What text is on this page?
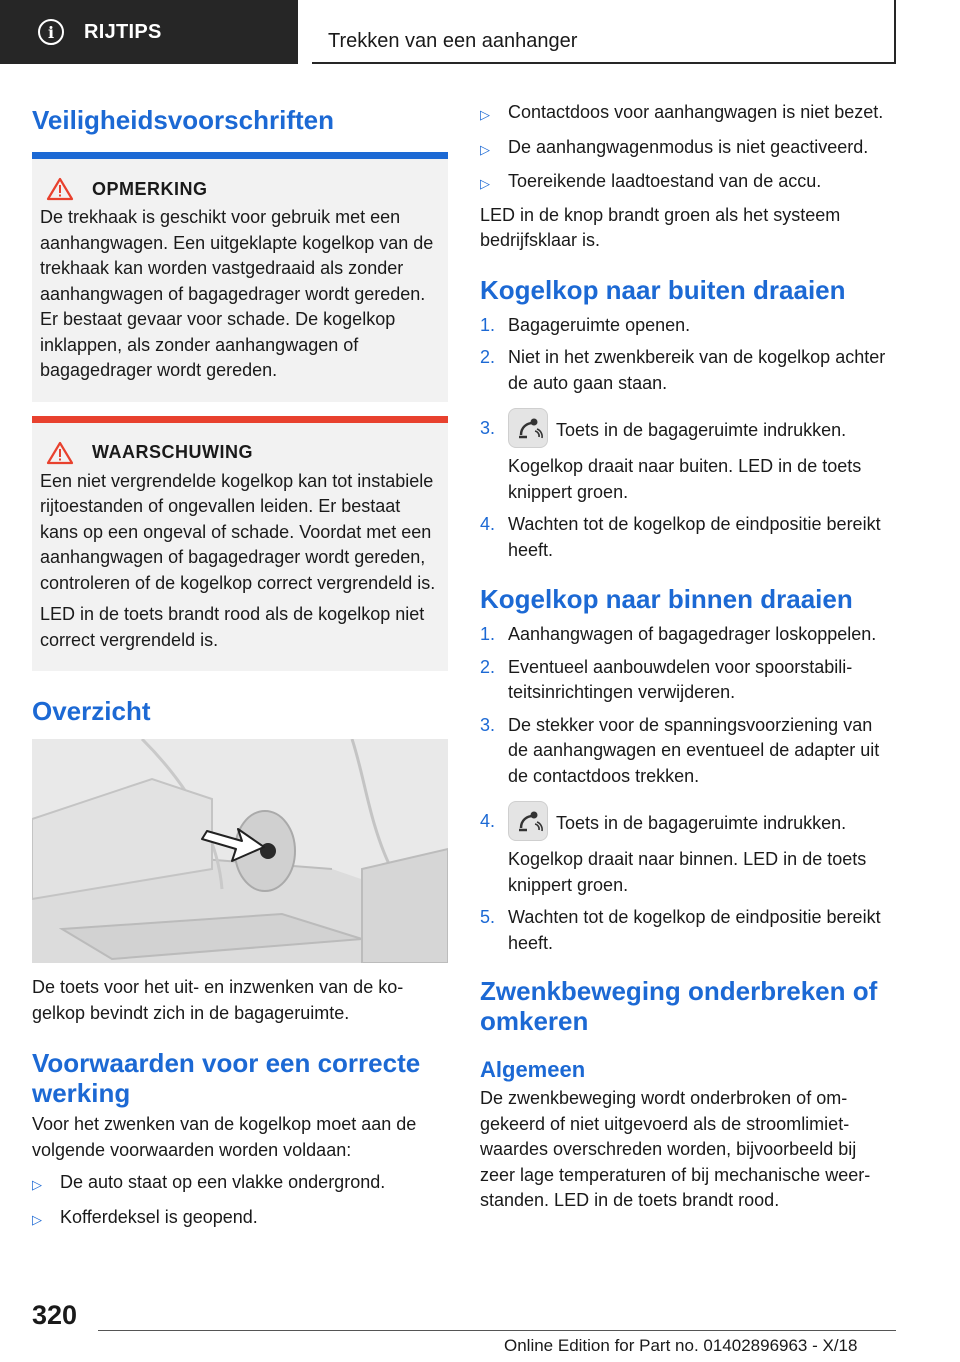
i	RIJTIPS	Trekken van een aanhanger
Veiligheidsvoorschriften
OPMERKING

De trekhaak is geschikt voor gebruik met een aanhangwagen. Een uitgeklapte kogelkop van de trekhaak kan worden vastgedraaid als zonder aanhangwagen of bagagedrager wordt gereden. Er bestaat gevaar voor schade. De kogelkop inklappen, als zonder aanhangwagen of bagagedrager wordt gereden.

WAARSCHUWING

Een niet vergrendelde kogelkop kan tot instabiele rijtoestanden of ongevallen leiden. Er bestaat kans op een ongeval of schade. Voordat met een aanhangwagen of bagagedrager wordt gereden, controleren of de kogelkop correct vergrendeld is.

LED in de toets brandt rood als de kogelkop niet correct vergrendeld is.

Overzicht

De toets voor het uit- en inzwenken van de kogelkop bevindt zich in de bagageruimte.

Voorwaarden voor een correcte werking

Voor het zwenken van de kogelkop moet aan de volgende voorwaarden worden voldaan:

▷	De auto staat op een vlakke ondergrond.
▷	Kofferdeksel is geopend.
▷	Contactdoos voor aanhangwagen is niet bezet.
▷	De aanhangwagenmodus is niet geactiveerd.
▷	Toereikende laadtoestand van de accu.

LED in de knop brandt groen als het systeem bedrijfsklaar is.

Kogelkop naar buiten draaien
1. Bagageruimte openen.
2. Niet in het zwenkbereik van de kogelkop achter de auto gaan staan.
3.	Toets in de bagageruimte indrukken.
Kogelkop draait naar buiten. LED in de toets knippert groen.
4. Wachten tot de kogelkop de eindpositie bereikt heeft.
Kogelkop naar binnen draaien
1. Aanhangwagen of bagagedrager loskoppelen.
2. Eventueel aanbouwdelen voor spoorstabiliteitsinrichtingen verwijderen.
3. De stekker voor de spanningsvoorziening van de aanhangwagen en eventueel de adapter uit de contactdoos trekken.
4.	Toets in de bagageruimte indrukken.
Kogelkop draait naar binnen. LED in de toets knippert groen.
5. Wachten tot de kogelkop de eindpositie bereikt heeft.
Zwenkbeweging onderbreken of omkeren
Algemeen

De zwenkbeweging wordt onderbroken of omgekeerd of niet uitgevoerd als de stroomlimietwaardes overschreden worden, bijvoorbeeld bij zeer lage temperaturen of bij mechanische weerstanden. LED in de toets brandt rood.

320
Online Edition for Part no. 01402896963 - X/18
